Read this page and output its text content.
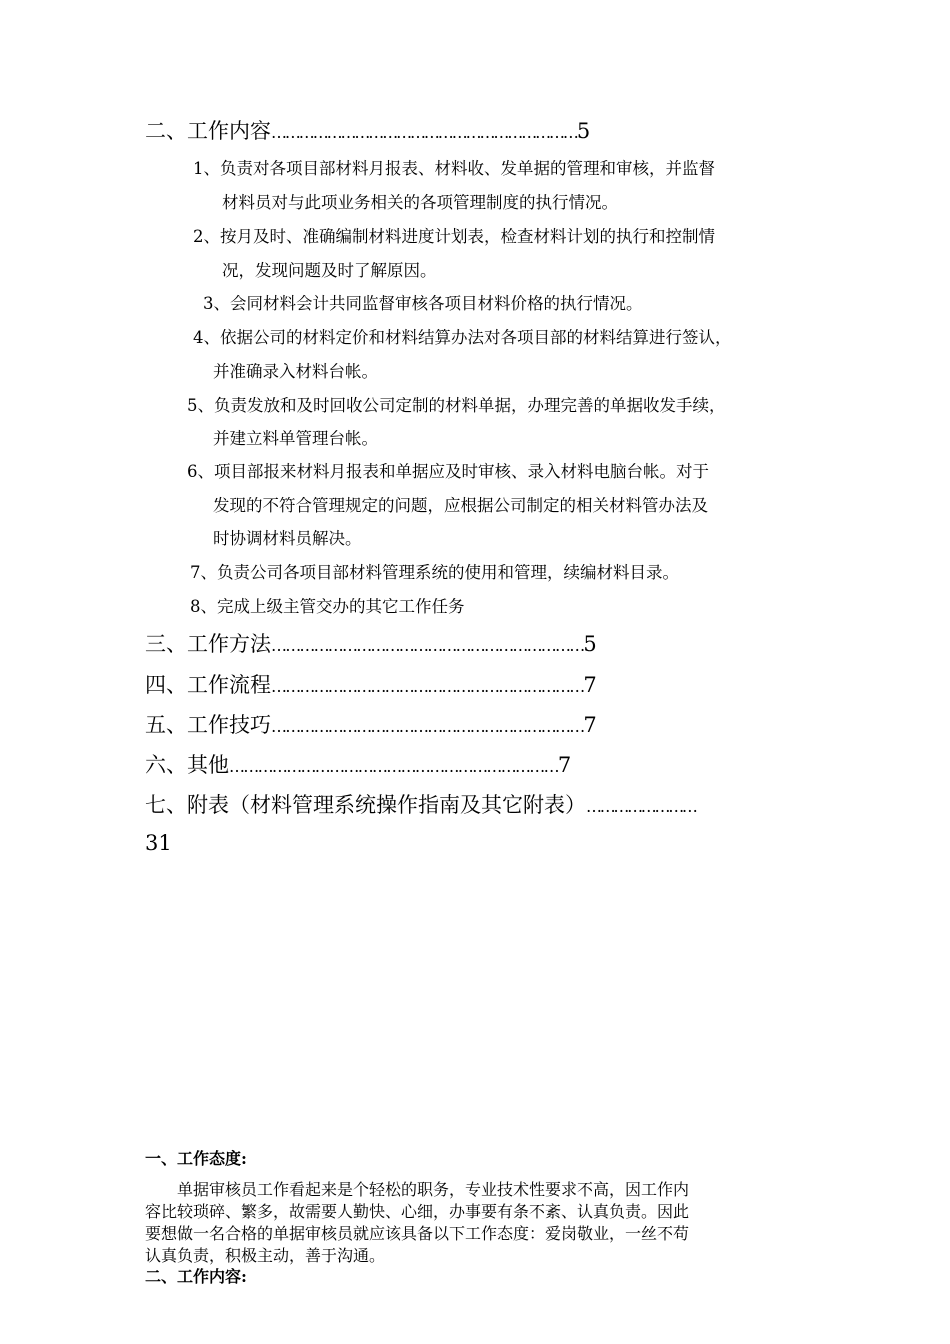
二、工作内容…………………………………………………………5
1、负责对各项目部材料月报表、材料收、发单据的管理和审核，并监督
材料员对与此项业务相关的各项管理制度的执行情况。
2、按月及时、准确编制材料进度计划表，检查材料计划的执行和控制情
况，发现问题及时了解原因。
3、会同材料会计共同监督审核各项目材料价格的执行情况。
4、依据公司的材料定价和材料结算办法对各项目部的材料结算进行签认，
并准确录入材料台帐。
5、负责发放和及时回收公司定制的材料单据，办理完善的单据收发手续，
并建立料单管理台帐。
6、项目部报来材料月报表和单据应及时审核、录入材料电脑台帐。对于
发现的不符合管理规定的问题，应根据公司制定的相关材料管办法及
时协调材料员解决。
7、负责公司各项目部材料管理系统的使用和管理，续编材料目录。
8、完成上级主管交办的其它工作任务
三、工作方法…………………………………………………………5
四、工作流程…………………………………………………………7
五、工作技巧…………………………………………………………7
六、其他……………………………………………………………7
七、附表（材料管理系统操作指南及其它附表）……………………
31
一、工作态度:
单据审核员工作看起来是个轻松的职务，专业技术性要求不高，因工作内
容比较琐碎、繁多，故需要人勤快、心细，办事要有条不紊、认真负责。因此
要想做一名合格的单据审核员就应该具备以下工作态度：爱岗敬业，一丝不苟
认真负责，积极主动，善于沟通。
二、工作内容:
